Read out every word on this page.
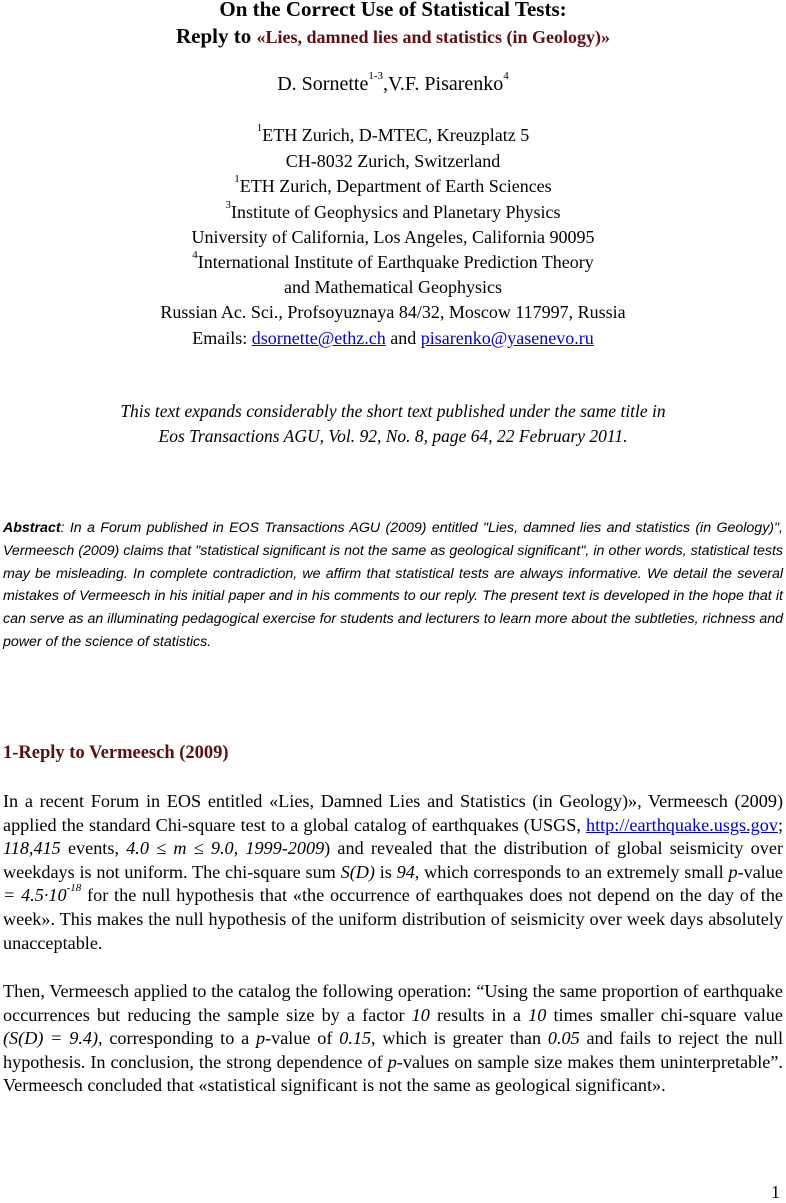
On the Correct Use of Statistical Tests:
Reply to «Lies, damned lies and statistics (in Geology)»
D. Sornette$^{1-3}$,V.F. Pisarenko$^4$
$^1$ETH Zurich, D-MTEC, Kreuzplatz 5
CH-8032 Zurich, Switzerland
$^1$ETH Zurich, Department of Earth Sciences
$^3$Institute of Geophysics and Planetary Physics
University of California, Los Angeles, California 90095
$^4$International Institute of Earthquake Prediction Theory
and Mathematical Geophysics
Russian Ac. Sci., Profsoyuznaya 84/32, Moscow 117997, Russia
Emails: dsornette@ethz.ch and pisarenko@yasenevo.ru
This text expands considerably the short text published under the same title in
Eos Transactions AGU, Vol. 92, No. 8, page 64, 22 February 2011.
Abstract: In a Forum published in EOS Transactions AGU (2009) entitled "Lies, damned lies and statistics (in Geology)", Vermeesch (2009) claims that "statistical significant is not the same as geological significant", in other words, statistical tests may be misleading. In complete contradiction, we affirm that statistical tests are always informative. We detail the several mistakes of Vermeesch in his initial paper and in his comments to our reply. The present text is developed in the hope that it can serve as an illuminating pedagogical exercise for students and lecturers to learn more about the subtleties, richness and power of the science of statistics.
1-Reply to Vermeesch (2009)
In a recent Forum in EOS entitled «Lies, Damned Lies and Statistics (in Geology)», Vermeesch (2009) applied the standard Chi-square test to a global catalog of earthquakes (USGS, http://earthquake.usgs.gov; 118,415 events, 4.0 ≤ m ≤ 9.0, 1999-2009) and revealed that the distribution of global seismicity over weekdays is not uniform. The chi-square sum S(D) is 94, which corresponds to an extremely small p-value = $4.5\cdot 10^{-18}$ for the null hypothesis that «the occurrence of earthquakes does not depend on the day of the week». This makes the null hypothesis of the uniform distribution of seismicity over week days absolutely unacceptable.
Then, Vermeesch applied to the catalog the following operation: “Using the same proportion of earthquake occurrences but reducing the sample size by a factor 10 results in a 10 times smaller chi-square value (S(D) = 9.4), corresponding to a p-value of 0.15, which is greater than 0.05 and fails to reject the null hypothesis. In conclusion, the strong dependence of p-values on sample size makes them uninterpretable”. Vermeesch concluded that «statistical significant is not the same as geological significant».
1
